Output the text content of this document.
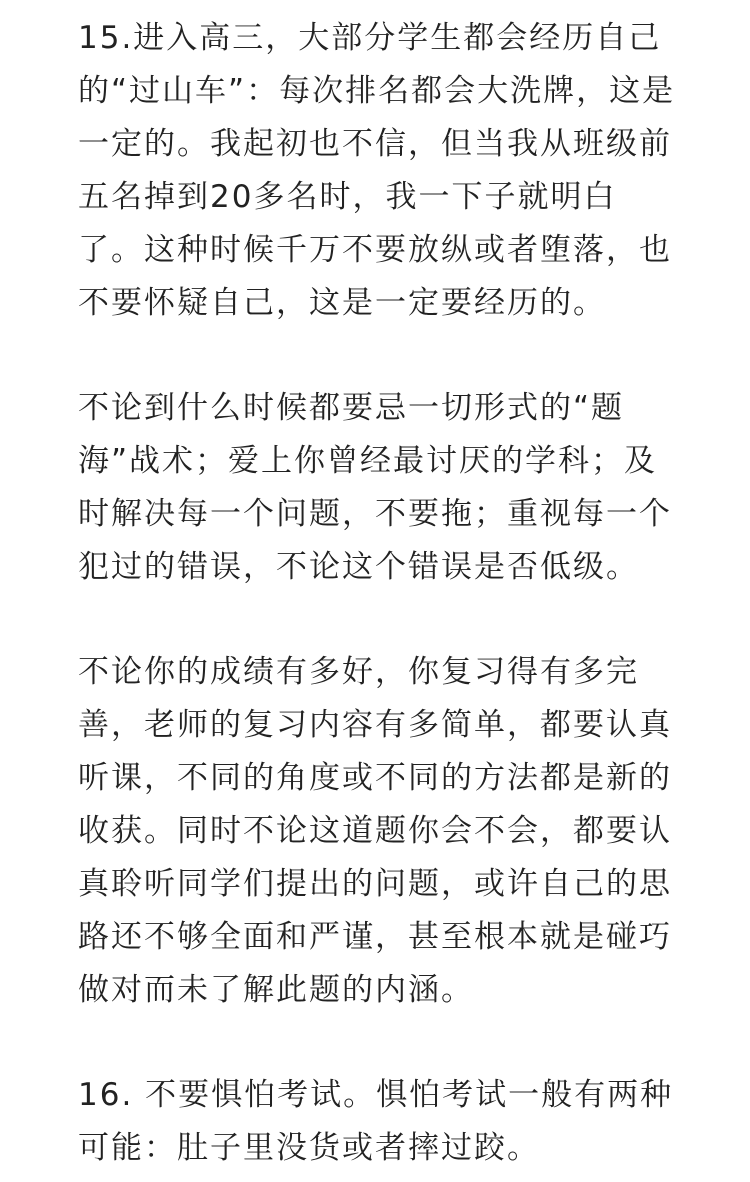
15.进入高三，大部分学生都会经历自己
的“过山车”：每次排名都会大洗牌，这是
一定的。我起初也不信，但当我从班级前
五名掉到20多名时，我一下子就明白
了。这种时候千万不要放纵或者堕落，也
不要怀疑自己，这是一定要经历的。
不论到什么时候都要忌一切形式的“题
海”战术；爱上你曾经最讨厌的学科；及
时解决每一个问题，不要拖；重视每一个
犯过的错误，不论这个错误是否低级。
不论你的成绩有多好，你复习得有多完
善，老师的复习内容有多简单，都要认真
听课，不同的角度或不同的方法都是新的
收获。同时不论这道题你会不会，都要认
真聆听同学们提出的问题，或许自己的思
路还不够全面和严谨，甚至根本就是碰巧
做对而未了解此题的内涵。
16. 不要惧怕考试。惧怕考试一般有两种
可能：肚子里没货或者摔过跤。
